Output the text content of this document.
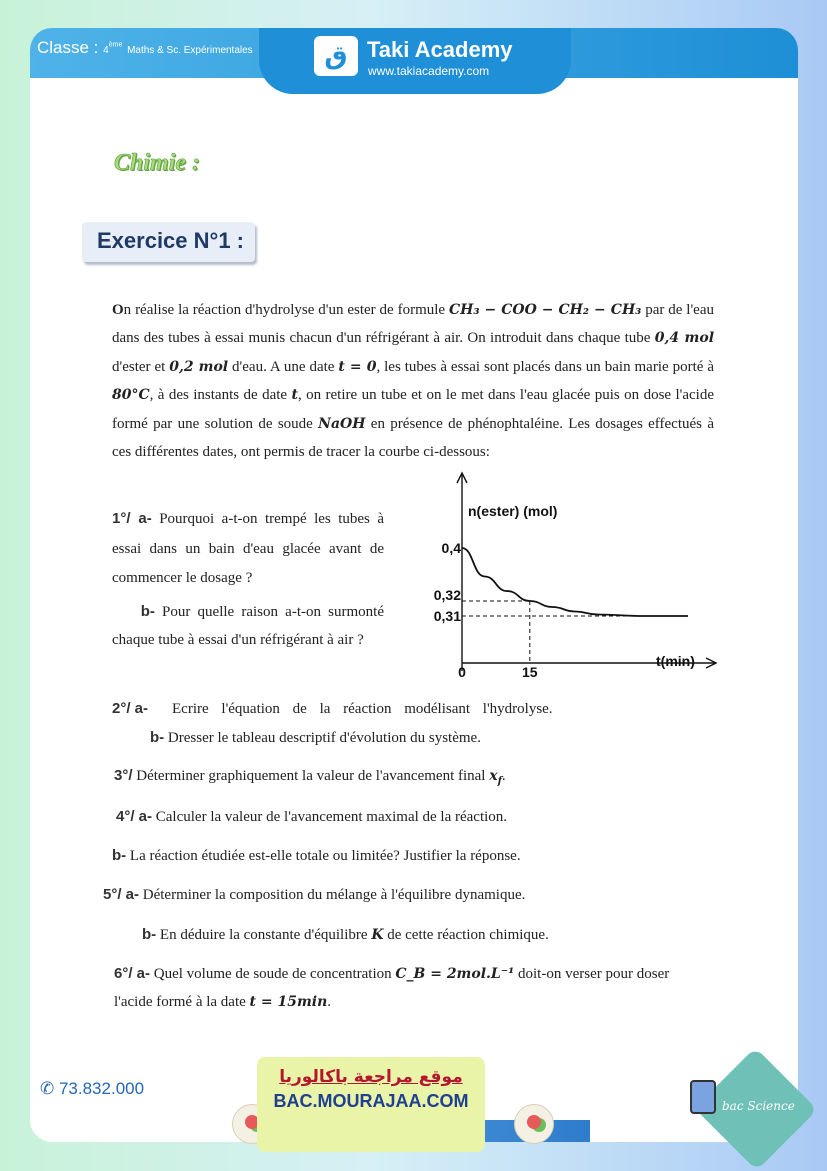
Classe : 4ème Maths & Sc. Expérimentales	ق Taki Academy
www.takiacademy.com
Chimie :
Exercice N°1 :

On réalise la réaction d'hydrolyse d'un ester de formule CH₃ − COO − CH₂ − CH₃ par de l'eau dans des tubes à essai munis chacun d'un réfrigérant à air. On introduit dans chaque tube 0,4 mol d'ester et 0,2 mol d'eau. A une date t = 0, les tubes à essai sont placés dans un bain marie porté à 80°C, à des instants de date t, on retire un tube et on le met dans l'eau glacée puis on dose l'acide formé par une solution de soude NaOH en présence de phénophtaléine. Les dosages effectués à ces différentes dates, ont permis de tracer la courbe ci-dessous:

1°/ a- Pourquoi a-t-on trempé les tubes à essai dans un bain d'eau glacée avant de commencer le dosage ?

b- Pour quelle raison a-t-on surmonté chaque tube à essai d'un réfrigérant à air ?

n(ester) (mol)
t(min)
0,4
0,32
0,31
0	15

2°/ a-    Ecrire l'équation de la réaction modélisant l'hydrolyse.

b- Dresser le tableau descriptif d'évolution du système.

3°/ Déterminer graphiquement la valeur de l'avancement final $x_f$.

4°/ a- Calculer la valeur de l'avancement maximal de la réaction.

b- La réaction étudiée est-elle totale ou limitée? Justifier la réponse.

5°/ a- Déterminer la composition du mélange à l'équilibre dynamique.

b- En déduire la constante d'équilibre K de cette réaction chimique.

6°/ a- Quel volume de soude de concentration C_B = 2mol.L⁻¹ doit-on verser pour doser

l'acide formé à la date t = 15min.

✆ 73.832.000
موقع مراجعة باكالوريا
BAC.MOURAJAA.COM	bac Science
